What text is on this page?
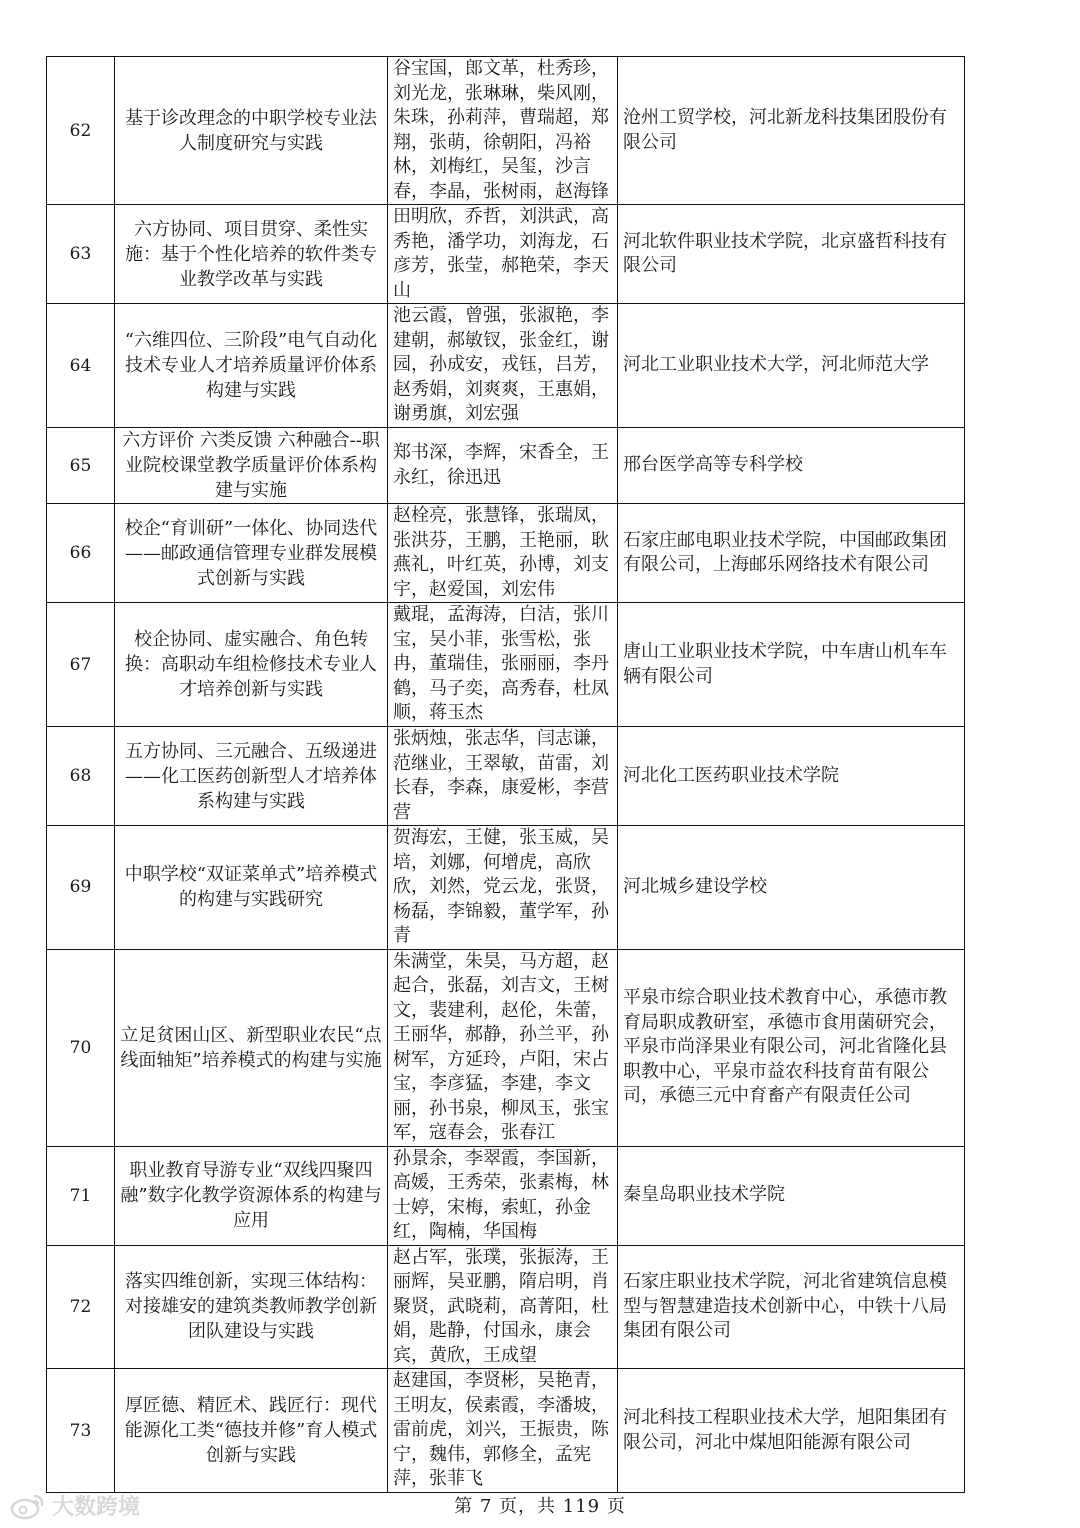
62	基于诊改理念的中职学校专业法人制度研究与实践	谷宝国，郎文革，杜秀珍，刘光龙，张琳琳，柴风刚，朱珠，孙莉萍，曹瑞超，郑翔，张萌，徐朝阳，冯裕林，刘梅红，吴玺，沙言春，李晶，张树雨，赵海锋	沧州工贸学校，河北新龙科技集团股份有限公司
63	六方协同、项目贯穿、柔性实施：基于个性化培养的软件类专业教学改革与实践	田明欣，乔哲，刘洪武，高秀艳，潘学功，刘海龙，石彦芳，张莹，郝艳荣，李天山	河北软件职业技术学院，北京盛哲科技有限公司
64	“六维四位、三阶段”电气自动化技术专业人才培养质量评价体系构建与实践	池云霞，曾强，张淑艳，李建朝，郝敏钗，张金红，谢园，孙成安，戎钰，吕芳，赵秀娟，刘爽爽，王惠娟，谢勇旗，刘宏强	河北工业职业技术大学，河北师范大学
65	六方评价 六类反馈 六种融合--职业院校课堂教学质量评价体系构建与实施	郑书深，李辉，宋香全，王永红，徐迅迅	邢台医学高等专科学校
66	校企“育训研”一体化、协同迭代——邮政通信管理专业群发展模式创新与实践	赵栓亮，张慧锋，张瑞凤，张洪芬，王鹏，王艳丽，耿燕礼，叶红英，孙博，刘支宇，赵爱国，刘宏伟	石家庄邮电职业技术学院，中国邮政集团有限公司，上海邮乐网络技术有限公司
67	校企协同、虚实融合、角色转换：高职动车组检修技术专业人才培养创新与实践	戴琨，孟海涛，白洁，张川宝，吴小菲，张雪松，张冉，董瑞佳，张丽丽，李丹鹤，马子奕，高秀春，杜凤顺，蒋玉杰	唐山工业职业技术学院，中车唐山机车车辆有限公司
68	五方协同、三元融合、五级递进——化工医药创新型人才培养体系构建与实践	张炳烛，张志华，闫志谦，范继业，王翠敏，苗雷，刘长春，李森，康爱彬，李营营	河北化工医药职业技术学院
69	中职学校“双证菜单式”培养模式的构建与实践研究	贺海宏，王健，张玉威，吴培，刘娜，何增虎，高欣欣，刘然，党云龙，张贤，杨磊，李锦毅，董学军，孙青	河北城乡建设学校
70	立足贫困山区、新型职业农民“点线面轴矩”培养模式的构建与实施	朱满堂，朱昊，马方超，赵起合，张磊，刘吉文，王树文，裴建利，赵伦，朱蕾，王丽华，郝静，孙兰平，孙树军，方延玲，卢阳，宋占宝，李彦猛，李建，李文丽，孙书泉，柳凤玉，张宝军，寇春会，张春江	平泉市综合职业技术教育中心，承德市教育局职成教研室，承德市食用菌研究会，平泉市尚泽果业有限公司，河北省隆化县职教中心，平泉市益农科技育苗有限公司，承德三元中育畜产有限责任公司
71	职业教育导游专业“双线四聚四融”数字化教学资源体系的构建与应用	孙景余，李翠霞，李国新，高媛，王秀荣，张素梅，林士婷，宋梅，索虹，孙金红，陶楠，华国梅	秦皇岛职业技术学院
72	落实四维创新，实现三体结构：对接雄安的建筑类教师教学创新团队建设与实践	赵占军，张璞，张振涛，王丽辉，吴亚鹏，隋启明，肖聚贤，武晓莉，高菁阳，杜娟，匙静，付国永，康会宾，黄欣，王成望	石家庄职业技术学院，河北省建筑信息模型与智慧建造技术创新中心，中铁十八局集团有限公司
73	厚匠德、精匠术、践匠行：现代能源化工类“德技并修”育人模式创新与实践	赵建国，李贤彬，吴艳青，王明友，侯素霞，李潘坡，雷前虎，刘兴，王振贵，陈宁，魏伟，郭修全，孟宪萍，张菲飞	河北科技工程职业技术大学，旭阳集团有限公司，河北中煤旭阳能源有限公司
大数跨境	第 7 页，共 119 页
